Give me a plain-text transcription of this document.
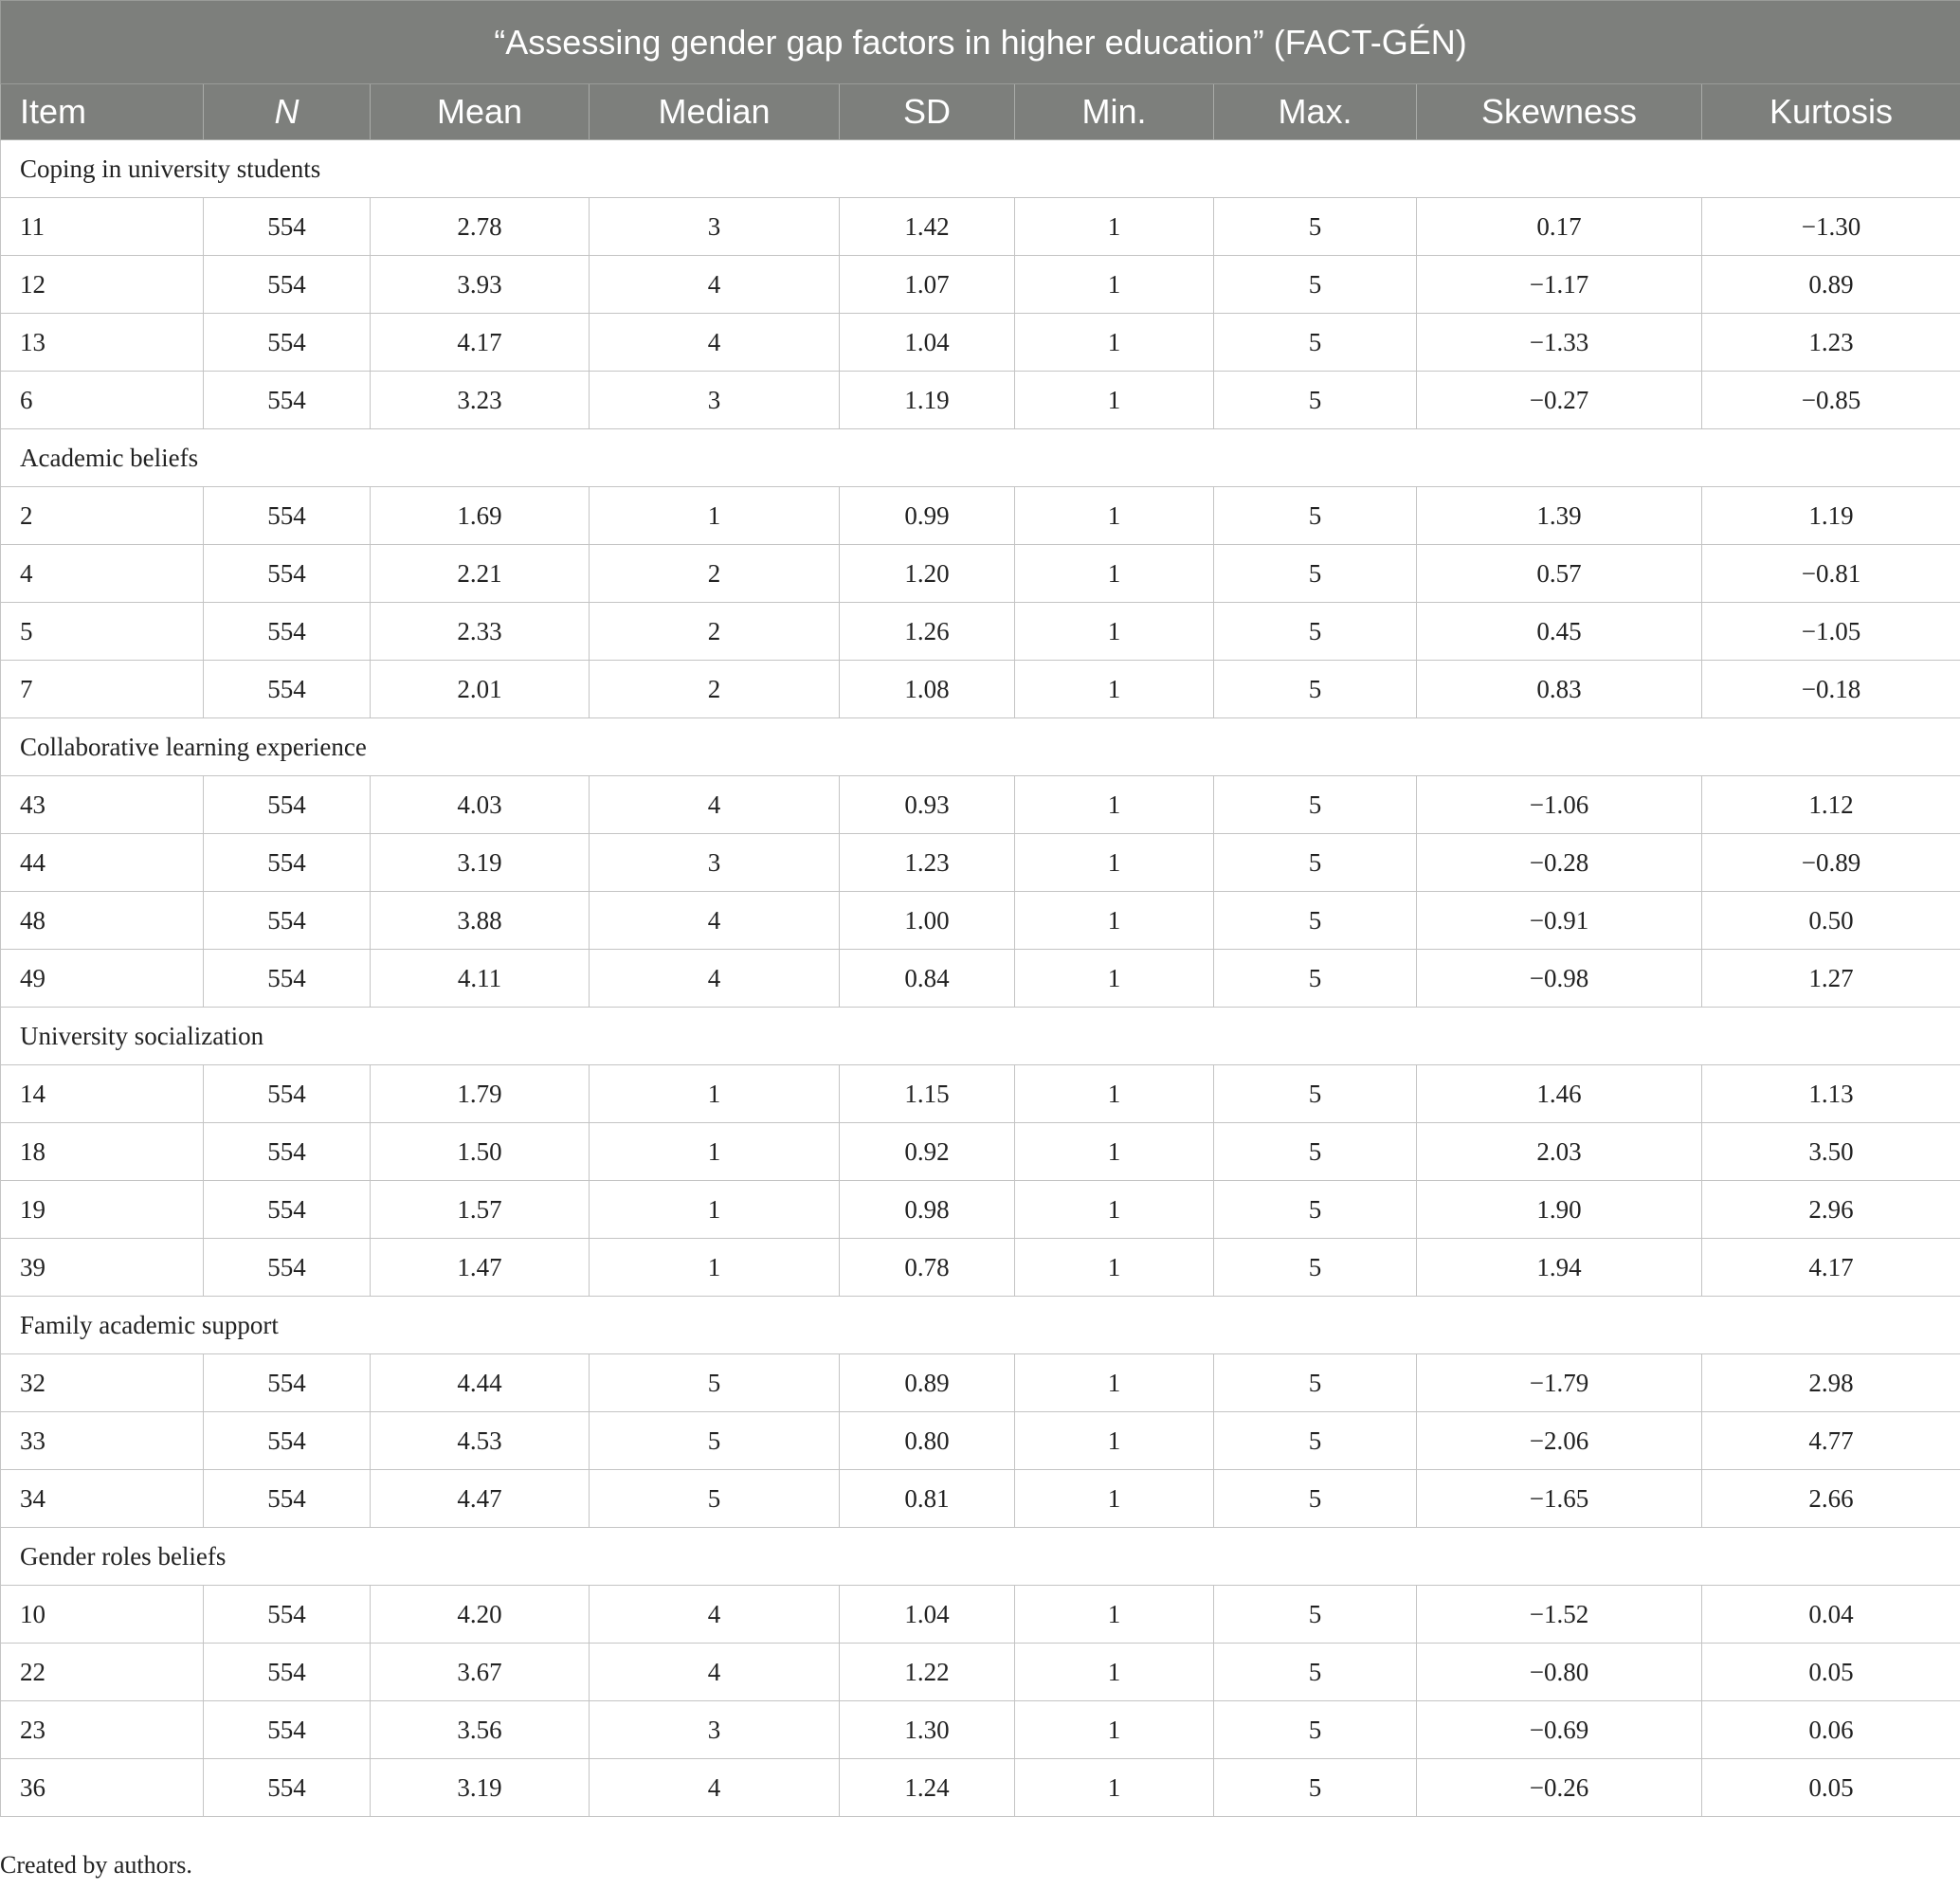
“Assessing gender gap factors in higher education” (FACT-GÉN)								
Item	N	Mean	Median	SD	Min.	Max.	Skewness	Kurtosis
Coping in university students								
11	554	2.78	3	1.42	1	5	0.17	−1.30
12	554	3.93	4	1.07	1	5	−1.17	0.89
13	554	4.17	4	1.04	1	5	−1.33	1.23
6	554	3.23	3	1.19	1	5	−0.27	−0.85
Academic beliefs								
2	554	1.69	1	0.99	1	5	1.39	1.19
4	554	2.21	2	1.20	1	5	0.57	−0.81
5	554	2.33	2	1.26	1	5	0.45	−1.05
7	554	2.01	2	1.08	1	5	0.83	−0.18
Collaborative learning experience								
43	554	4.03	4	0.93	1	5	−1.06	1.12
44	554	3.19	3	1.23	1	5	−0.28	−0.89
48	554	3.88	4	1.00	1	5	−0.91	0.50
49	554	4.11	4	0.84	1	5	−0.98	1.27
University socialization								
14	554	1.79	1	1.15	1	5	1.46	1.13
18	554	1.50	1	0.92	1	5	2.03	3.50
19	554	1.57	1	0.98	1	5	1.90	2.96
39	554	1.47	1	0.78	1	5	1.94	4.17
Family academic support								
32	554	4.44	5	0.89	1	5	−1.79	2.98
33	554	4.53	5	0.80	1	5	−2.06	4.77
34	554	4.47	5	0.81	1	5	−1.65	2.66
Gender roles beliefs								
10	554	4.20	4	1.04	1	5	−1.52	0.04
22	554	3.67	4	1.22	1	5	−0.80	0.05
23	554	3.56	3	1.30	1	5	−0.69	0.06
36	554	3.19	4	1.24	1	5	−0.26	0.05
Created by authors.
